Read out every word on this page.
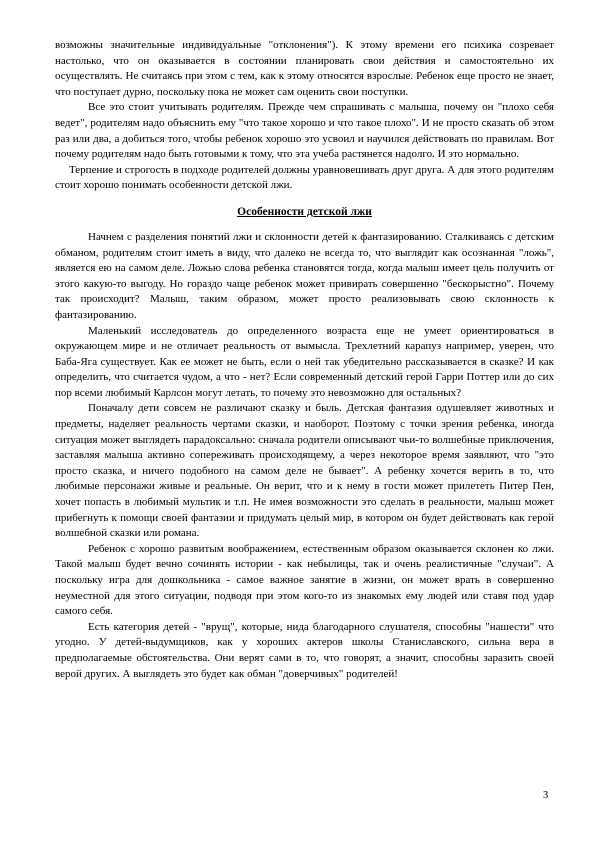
возможны значительные индивидуальные "отклонения"). К этому времени его психика созревает настолько, что он оказывается в состоянии планировать свои действия и самостоятельно их осуществлять. Не считаясь при этом с тем, как к этому относятся взрослые. Ребенок еще просто не знает, что поступает дурно, поскольку пока не может сам оценить свои поступки.

Все это стоит учитывать родителям. Прежде чем спрашивать с малыша, почему он "плохо себя ведет", родителям надо объяснить ему "что такое хорошо и что такое плохо". И не просто сказать об этом раз или два, а добиться того, чтобы ребенок хорошо это усвоил и научился действовать по правилам. Вот почему родителям надо быть готовыми к тому, что эта учеба растянется надолго. И это нормально.

Терпение и строгость в подходе родителей должны уравновешивать друг друга. А для этого родителям стоит хорошо понимать особенности детской лжи.

Особенности детской лжи

Начнем с разделения понятий лжи и склонности детей к фантазированию. Сталкиваясь с детским обманом, родителям стоит иметь в виду, что далеко не всегда то, что выглядит как осознанная "ложь", является ею на самом деле. Ложью слова ребенка становятся тогда, когда малыш имеет цель получить от этого какую-то выгоду. Но гораздо чаще ребенок может привирать совершенно "бескорыстно". Почему так происходит? Малыш, таким образом, может просто реализовывать свою склонность к фантазированию.

Маленький исследователь до определенного возраста еще не умеет ориентироваться в окружающем мире и не отличает реальность от вымысла. Трехлетний карапуз например, уверен, что Баба-Яга существует. Как ее может не быть, если о ней так убедительно рассказывается в сказке? И как определить, что считается чудом, а что - нет? Если современный детский герой Гарри Поттер или до сих пор всеми любимый Карлсон могут летать, то почему это невозможно для остальных?

Поначалу дети совсем не различают сказку и быль. Детская фантазия одушевляет животных и предметы, наделяет реальность чертами сказки, и наоборот. Поэтому с точки зрения ребенка, иногда ситуация может выглядеть парадоксально: сначала родители описывают чьи-то волшебные приключения, заставляя малыша активно сопереживать происходящему, а через некоторое время заявляют, что "это просто сказка, и ничего подобного на самом деле не бывает". А ребенку хочется верить в то, что любимые персонажи живые и реальные. Он верит, что и к нему в гости может прилететь Питер Пен, хочет попасть в любимый мультик и т.п. Не имея возможности это сделать в реальности, малыш может прибегнуть к помощи своей фантазии и придумать целый мир, в котором он будет действовать как герой волшебной сказки или романа.

Ребенок с хорошо развитым воображением, естественным образом оказывается склонен ко лжи. Такой малыш будет вечно сочинять истории - как небылицы, так и очень реалистичные "случаи". А поскольку игра для дошкольника - самое важное занятие в жизни, он может врать в совершенно неуместной для этого ситуации, подводя при этом кого-то из знакомых ему людей или ставя под удар самого себя.

Есть категория детей - "врущ", которые, нида благодарного слушателя, способны "нашести" что угодно. У детей-выдумщиков, как у хороших актеров школы Станиславского, сильна вера в предполагаемые обстоятельства. Они верят сами в то, что говорят, а значит, способны заразить своей верой других. А выглядеть это будет как обман "доверчивых" родителей!

3
